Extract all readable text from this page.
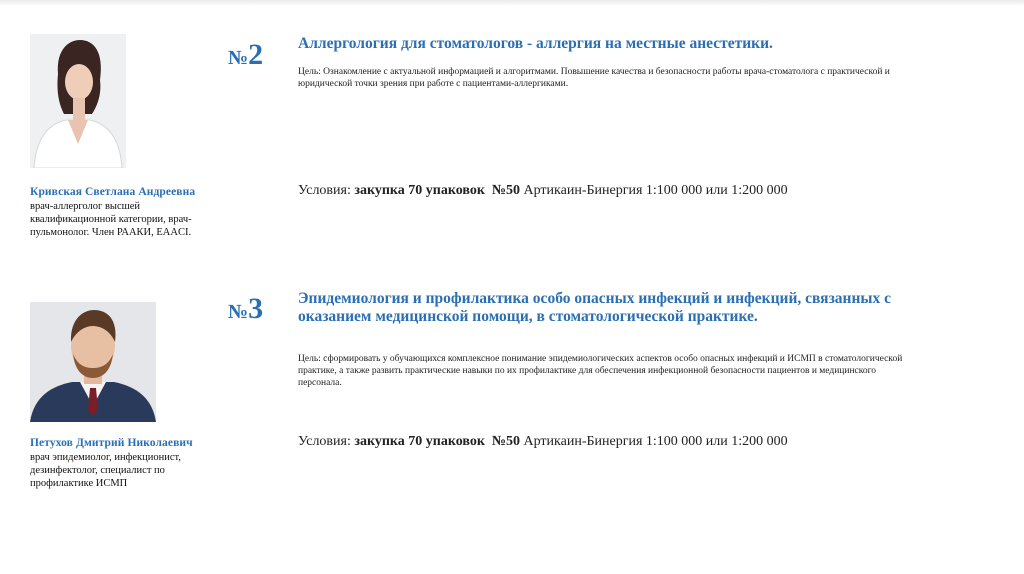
№2 Аллергология для стоматологов - аллергия на местные анестетики.
Цель: Ознакомление с актуальной информацией и алгоритмами. Повышение качества и безопасности работы врача-стоматолога с практической и юридической точки зрения при работе с пациентами-аллергиками.
Кривская Светлана Андреевна
врач-аллерголог высшей
квалификационной категории, врач-
пульмонолог. Член РААКИ, EAACI.
Условия: закупка 70 упаковок №50 Артикаин-Бинергия 1:100 000 или 1:200 000
№3 Эпидемиология и профилактика особо опасных инфекций и инфекций, связанных с оказанием медицинской помощи, в стоматологической практике.
Цель: сформировать у обучающихся комплексное понимание эпидемиологических аспектов особо опасных инфекций и ИСМП в стоматологической практике, а также развить практические навыки по их профилактике для обеспечения инфекционной безопасности пациентов и медицинского персонала.
Петухов Дмитрий Николаевич
врач эпидемиолог, инфекционист,
дезинфектолог, специалист по
профилактике ИСМП
Условия: закупка 70 упаковок №50 Артикаин-Бинергия 1:100 000 или 1:200 000
